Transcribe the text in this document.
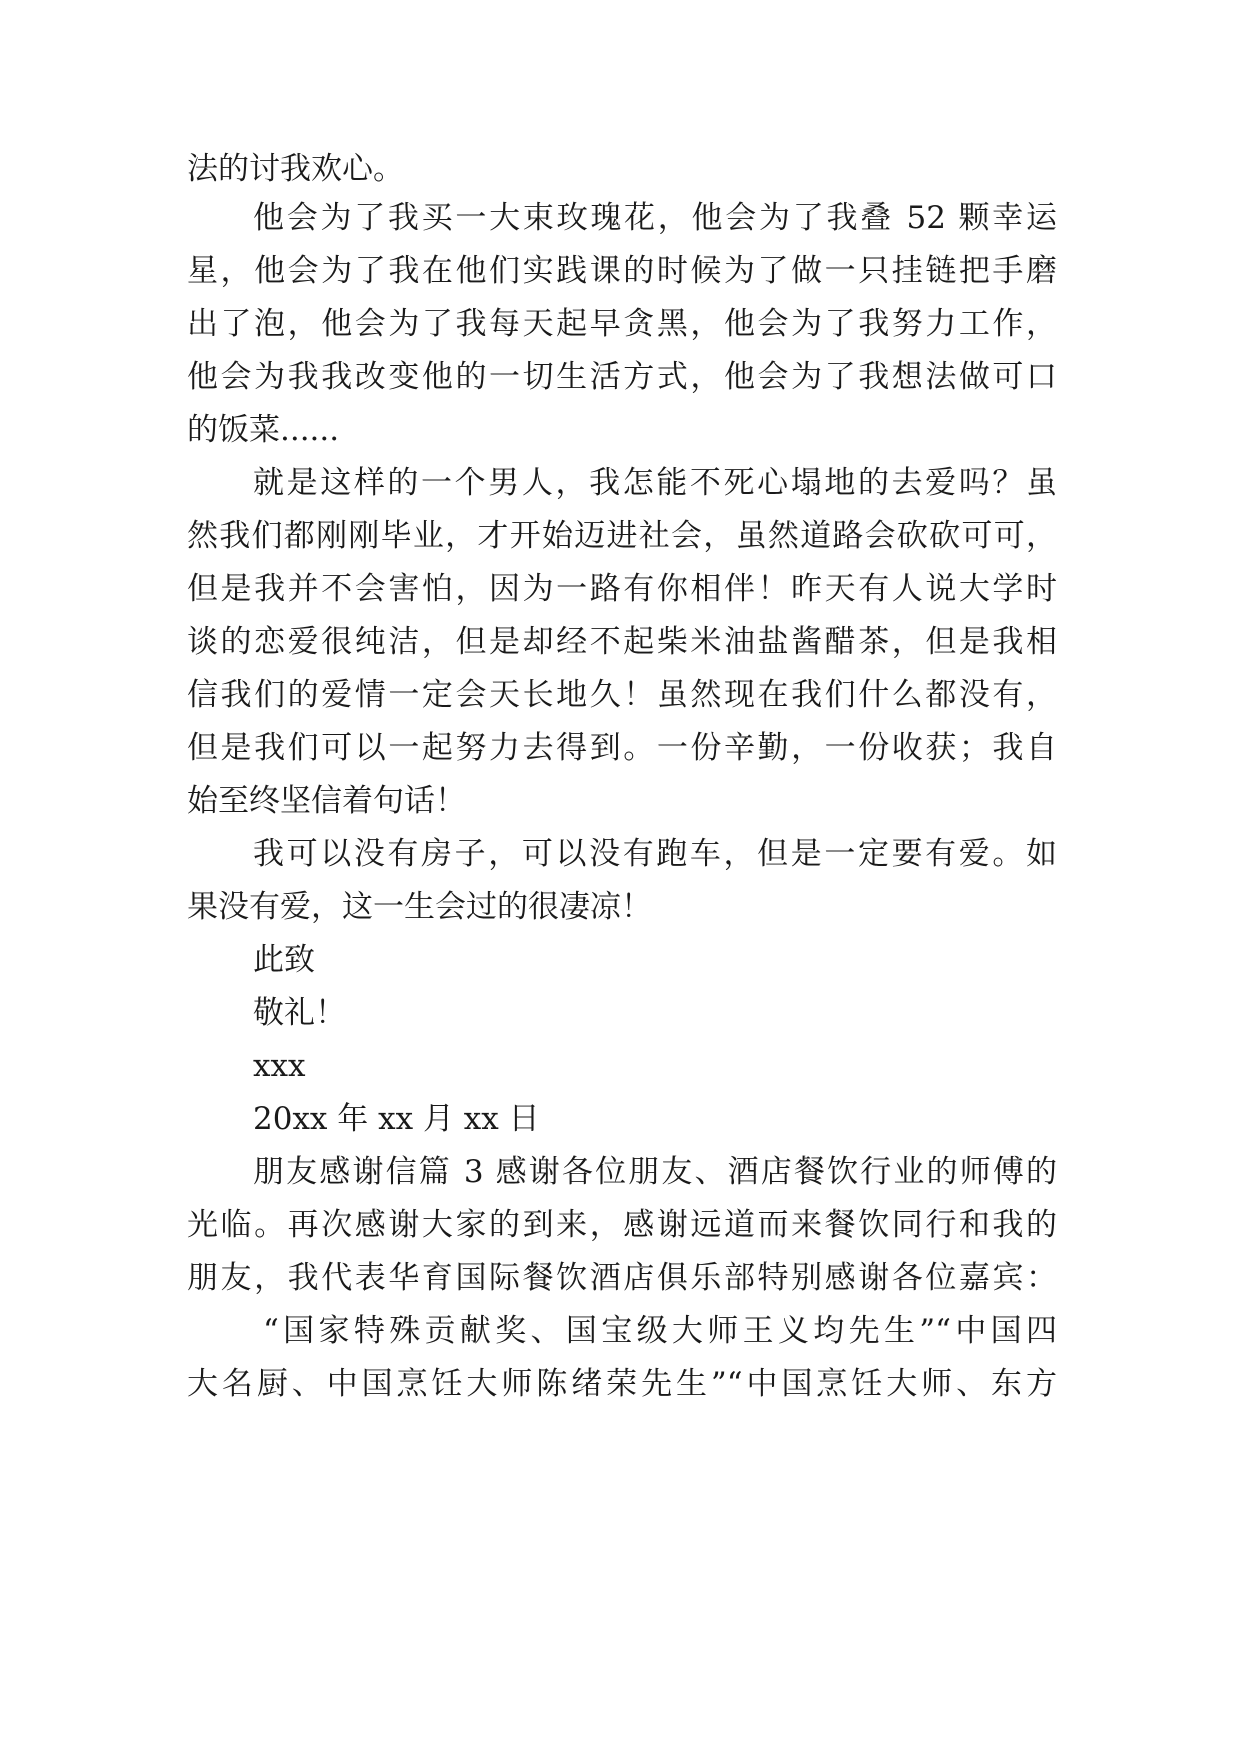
法的讨我欢心。
他会为了我买一大束玫瑰花，他会为了我叠 52 颗幸运
星，他会为了我在他们实践课的时候为了做一只挂链把手磨
出了泡，他会为了我每天起早贪黑，他会为了我努力工作，
他会为我我改变他的一切生活方式，他会为了我想法做可口
的饭菜......
就是这样的一个男人，我怎能不死心塌地的去爱吗？虽
然我们都刚刚毕业，才开始迈进社会，虽然道路会砍砍可可，
但是我并不会害怕，因为一路有你相伴！昨天有人说大学时
谈的恋爱很纯洁，但是却经不起柴米油盐酱醋茶，但是我相
信我们的爱情一定会天长地久！虽然现在我们什么都没有，
但是我们可以一起努力去得到。一份辛勤，一份收获；我自
始至终坚信着句话！
我可以没有房子，可以没有跑车，但是一定要有爱。如
果没有爱，这一生会过的很凄凉！
此致
敬礼！
xxx
20xx 年 xx 月 xx 日
朋友感谢信篇 3 感谢各位朋友、酒店餐饮行业的师傅的
光临。再次感谢大家的到来，感谢远道而来餐饮同行和我的
朋友，我代表华育国际餐饮酒店俱乐部特别感谢各位嘉宾：
“国家特殊贡献奖、国宝级大师王义均先生”“中国四
大名厨、中国烹饪大师陈绪荣先生”“中国烹饪大师、东方
